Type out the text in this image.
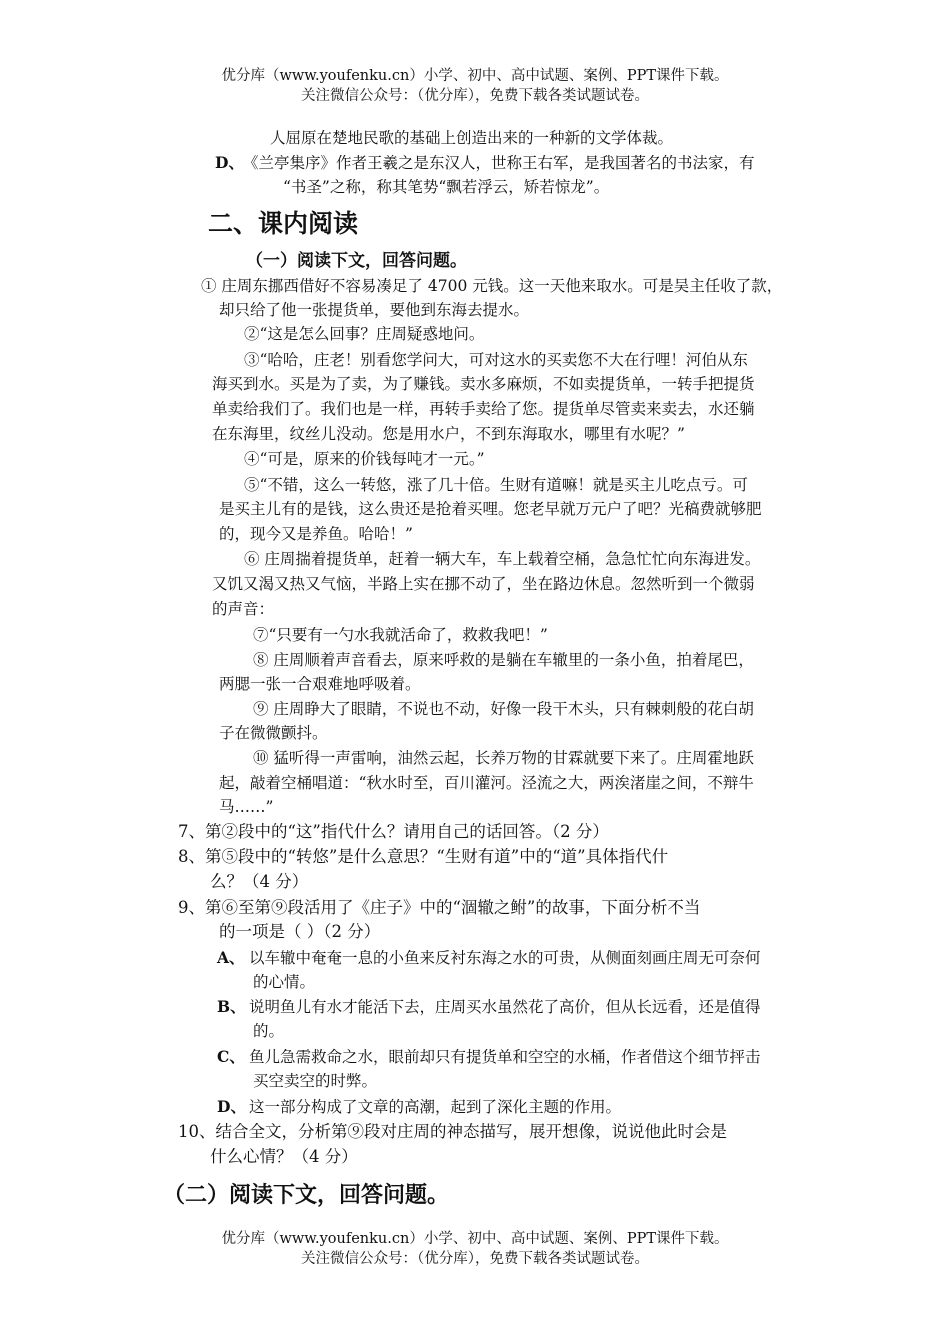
优分库（www.youfenku.cn）小学、初中、高中试题、案例、PPT课件下载。
关注微信公众号：（优分库），免费下载各类试题试卷。
人屈原在楚地民歌的基础上创造出来的一种新的文学体裁。
D、 《兰亭集序》作者王羲之是东汉人，世称王右军，是我国著名的书法家，有
“书圣”之称，称其笔势“飘若浮云，矫若惊龙”。
二、课内阅读
（一）阅读下文，回答问题。
① 庄周东挪西借好不容易凑足了 4700 元钱。这一天他来取水。可是吴主任收了款，
却只给了他一张提货单，要他到东海去提水。
②“这是怎么回事？庄周疑惑地问。
③“哈哈，庄老！别看您学问大，可对这水的买卖您不大在行哩！河伯从东
海买到水。买是为了卖，为了赚钱。卖水多麻烦，不如卖提货单，一转手把提货
单卖给我们了。我们也是一样，再转手卖给了您。提货单尽管卖来卖去，水还躺
在东海里，纹丝儿没动。您是用水户，不到东海取水，哪里有水呢？”
④“可是，原来的价钱每吨才一元。”
⑤“不错，这么一转悠，涨了几十倍。生财有道嘛！就是买主儿吃点亏。可
是买主儿有的是钱，这么贵还是抢着买哩。您老早就万元户了吧？光稿费就够肥
的，现今又是养鱼。哈哈！”
⑥ 庄周揣着提货单，赶着一辆大车，车上载着空桶，急急忙忙向东海进发。
又饥又渴又热又气恼，半路上实在挪不动了，坐在路边休息。忽然听到一个微弱
的声音：
⑦“只要有一勺水我就活命了，救救我吧！”
⑧ 庄周顺着声音看去，原来呼救的是躺在车辙里的一条小鱼，拍着尾巴，
两腮一张一合艰难地呼吸着。
⑨ 庄周睁大了眼睛，不说也不动，好像一段干木头，只有棘刺般的花白胡
子在微微颤抖。
⑩ 猛听得一声雷响，油然云起，长养万物的甘霖就要下来了。庄周霍地跃
起，敲着空桶唱道：“秋水时至，百川灌河。泾流之大，两涘渚崖之间，不辩牛
马……”
7、第②段中的“这”指代什么？请用自己的话回答。（2 分）
8、第⑤段中的“转悠”是什么意思？“生财有道”中的“道”具体指代什
么？（4 分）
9、第⑥至第⑨段活用了《庄子》中的“涸辙之鲋”的故事，下面分析不当
的一项是（ ）（2 分）
A、 以车辙中奄奄一息的小鱼来反衬东海之水的可贵，从侧面刻画庄周无可奈何
的心情。
B、 说明鱼儿有水才能活下去，庄周买水虽然花了高价，但从长远看，还是值得
的。
C、 鱼儿急需救命之水，眼前却只有提货单和空空的水桶，作者借这个细节抨击
买空卖空的时弊。
D、 这一部分构成了文章的高潮，起到了深化主题的作用。
10、结合全文，分析第⑨段对庄周的神态描写，展开想像，说说他此时会是
什么心情？（4 分）
（二）阅读下文，回答问题。
优分库（www.youfenku.cn）小学、初中、高中试题、案例、PPT课件下载。
关注微信公众号：（优分库），免费下载各类试题试卷。
